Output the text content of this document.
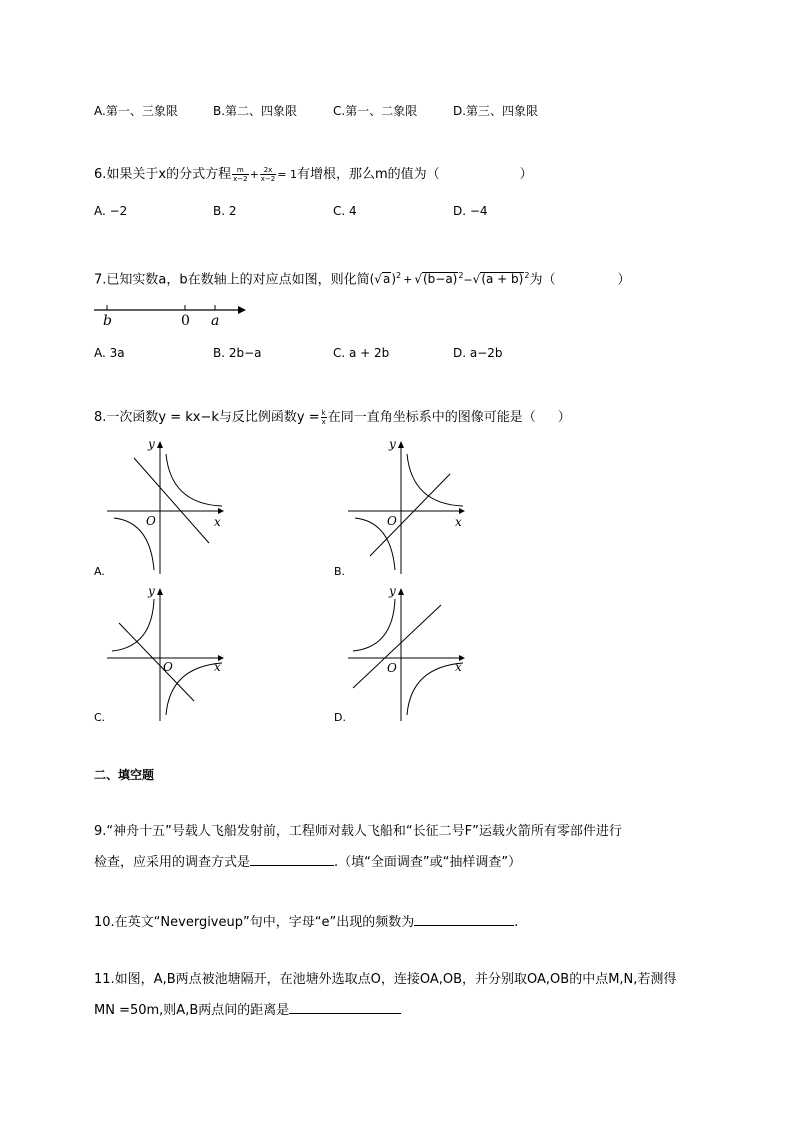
A.第一、三象限	B.第二、四象限	C.第一、二象限	D.第三、四象限
6.如果关于x的分式方程 $\frac{m}{x-2} + \frac{2x}{x-2} = 1$有增根，那么m的值为（	）
A. −2	B. 2	C. 4	D. −4
7.已知实数a，b在数轴上的对应点如图，则化简$(√a)^2 + √(b-a)^2-√(a + b)^2$为（	）
b	0 a
A. 3a	B. 2b−a	C. a + 2b	D. a−2b
8.一次函数y = kx−k与反比例函数$y = \frac{k}{x}$ 在同一直角坐标系中的图像可能是（ ）
y
x
O
A.
y
x
O
B.
y
x
O
C.
y
x
O
D.
二、填空题
9.“神舟十五”号载人飞船发射前，工程师对载人飞船和“长征二号F”运载火箭所有零部件进行
检查，应采用的调查方式是	.（填“全面调查”或“抽样调查”）
10.在英文“Nevergiveup”句中，字母“e”出现的频数为	.
11.如图，A,B两点被池塘隔开，在池塘外选取点O，连接OA,OB，并分别取OA,OB的中点M,N,若测得
MN =50m,则A,B两点间的距离是
